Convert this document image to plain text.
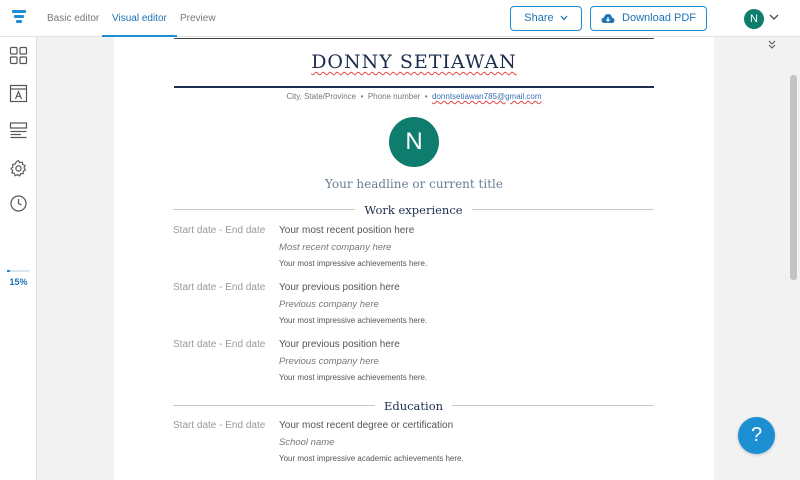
Basic editor	Visual editor	Preview	Share	Download PDF	N
15%
DONNY SETIAWAN
City, State/Province • Phone number • donntsetiawan785@gmail.com
N
Your headline or current title
Work experience
Start date - End date Your most recent position here
Most recent company here
Your most impressive achievements here.
Start date - End date Your previous position here
Previous company here
Your most impressive achievements here.
Start date - End date Your previous position here
Previous company here
Your most impressive achievements here.
Education
Start date - End date Your most recent degree or certification
School name
Your most impressive academic achievements here.
?
